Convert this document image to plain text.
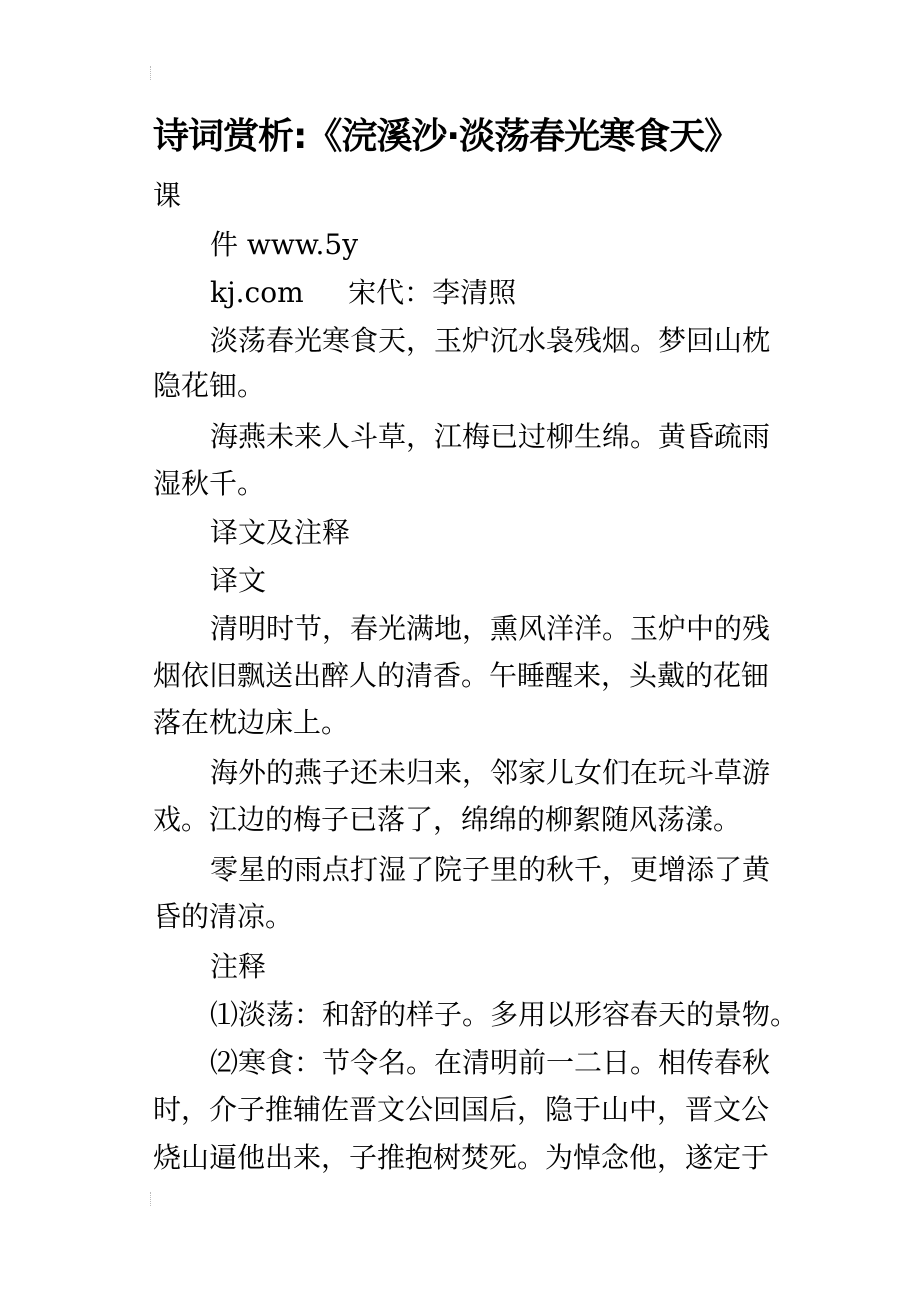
诗词赏析:《浣溪沙·淡荡春光寒食天》
课
件 www.5y
kj.com     宋代：李清照
淡荡春光寒食天，玉炉沉水袅残烟。梦回山枕
隐花钿。
海燕未来人斗草，江梅已过柳生绵。黄昏疏雨
湿秋千。
译文及注释
译文
清明时节，春光满地，熏风洋洋。玉炉中的残
烟依旧飘送出醉人的清香。午睡醒来，头戴的花钿
落在枕边床上。
海外的燕子还未归来，邻家儿女们在玩斗草游
戏。江边的梅子已落了，绵绵的柳絮随风荡漾。
零星的雨点打湿了院子里的秋千，更增添了黄
昏的清凉。
注释
⑴淡荡：和舒的样子。多用以形容春天的景物。
⑵寒食：节令名。在清明前一二日。相传春秋
时，介子推辅佐晋文公回国后，隐于山中，晋文公
烧山逼他出来，子推抱树焚死。为悼念他，遂定于
